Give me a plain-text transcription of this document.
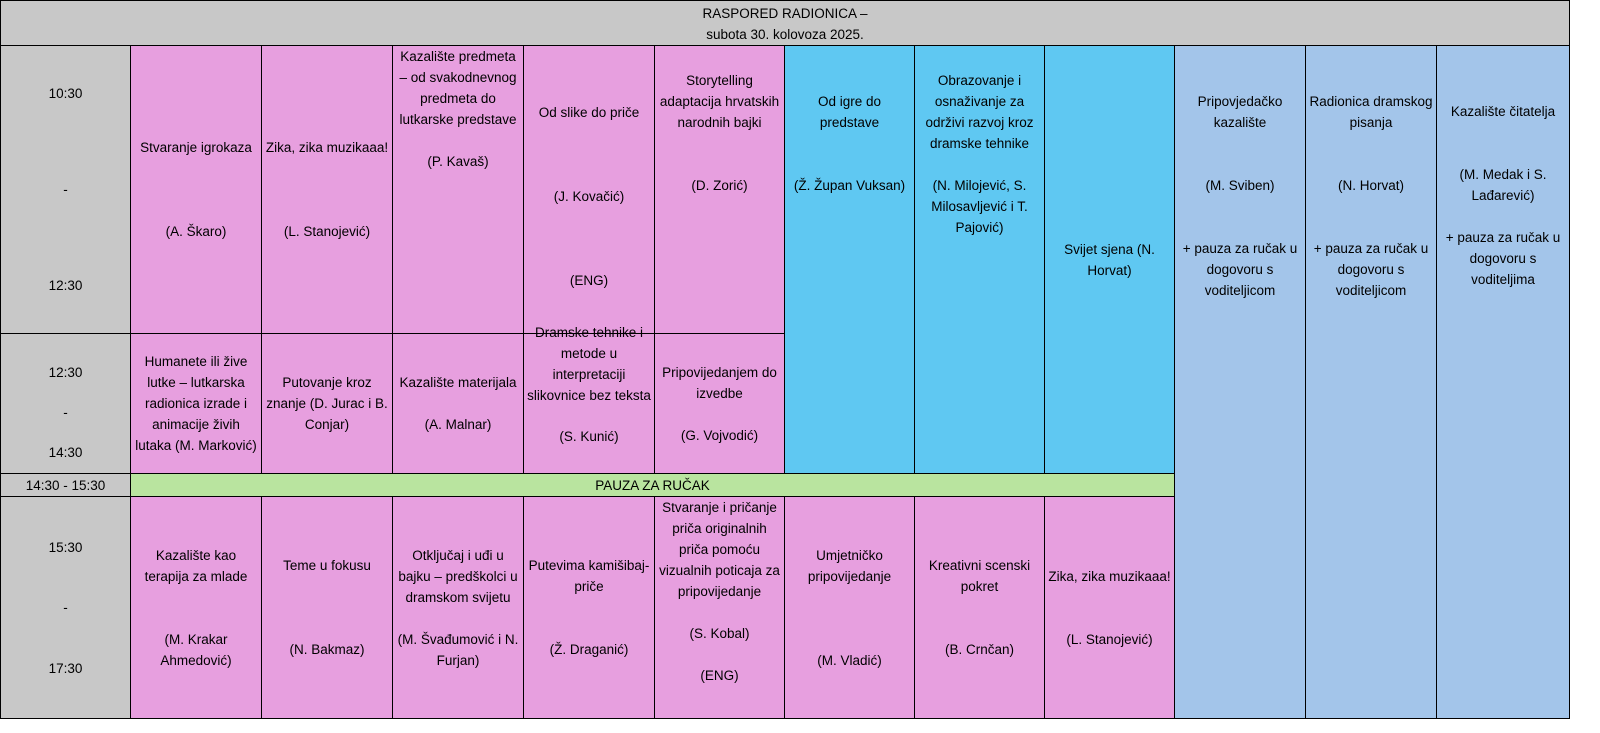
RASPORED RADIONICA –
subota 30. kolovoza 2025.
10:30
-
12:30
12:30
-
14:30
14:30 - 15:30
15:30
-
17:30
Stvaranje igrokaza
(A. Škaro)
Zika, zika muzikaaa!
(L. Stanojević)
Kazalište predmeta – od svakodnevnog predmeta do lutkarske predstave
(P. Kavaš)
Od slike do priče
(J. Kovačić)
(ENG)
Storytelling adaptacija hrvatskih narodnih bajki
(D. Zorić)
Humanete ili žive lutke – lutkarska radionica izrade i animacije živih lutaka (M. Marković)
Putovanje kroz znanje (D. Jurac i B. Conjar)
Kazalište materijala
(A. Malnar)
Dramske tehnike i metode u interpretaciji slikovnice bez teksta
(S. Kunić)
Pripovijedanjem do izvedbe
(G. Vojvodić)
Od igre do predstave
(Ž. Župan Vuksan)
Obrazovanje i osnaživanje za održivi razvoj kroz dramske tehnike
(N. Milojević, S. Milosavljević i T. Pajović)
Svijet sjena (N. Horvat)
Pripovjedačko kazalište
(M. Sviben)
+ pauza za ručak u dogovoru s voditeljicom
Radionica dramskog pisanja
(N. Horvat)
+ pauza za ručak u dogovoru s voditeljicom
Kazalište čitatelja
(M. Medak i S. Lađarević)
+ pauza za ručak u dogovoru s voditeljima
PAUZA ZA RUČAK
Kazalište kao terapija za mlade
(M. Krakar Ahmedović)
Teme u fokusu
(N. Bakmaz)
Otključaj i uđi u bajku – predškolci u dramskom svijetu
(M. Švađumović i N. Furjan)
Putevima kamišibaj- priče
(Ž. Draganić)
Stvaranje i pričanje priča originalnih priča pomoću vizualnih poticaja za pripovijedanje
(S. Kobal)
(ENG)
Umjetničko pripovijedanje
(M. Vladić)
Kreativni scenski pokret
(B. Crnčan)
Zika, zika muzikaaa!
(L. Stanojević)
